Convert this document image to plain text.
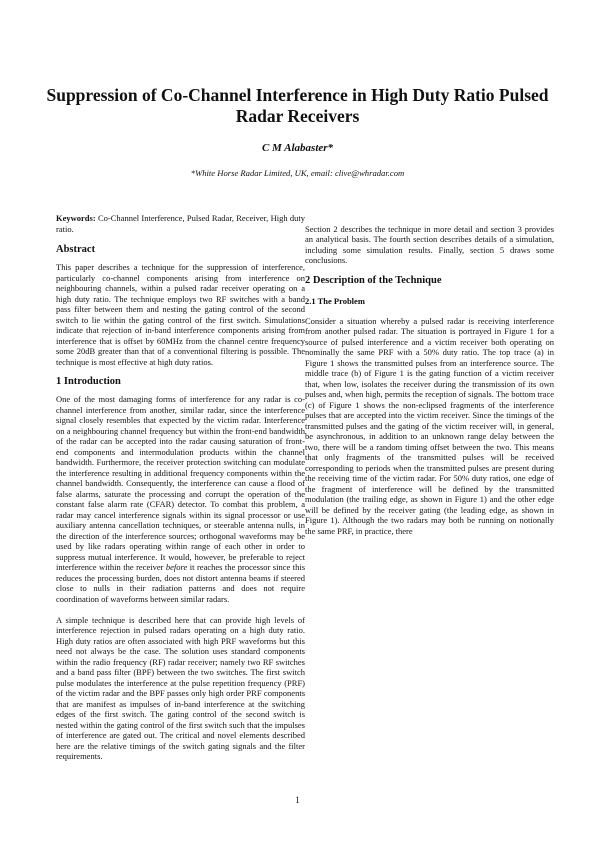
Suppression of Co-Channel Interference in High Duty Ratio Pulsed Radar Receivers
C M Alabaster*
*White Horse Radar Limited, UK, email: clive@whradar.com

Keywords: Co-Channel Interference, Pulsed Radar, Receiver, High duty ratio.

Abstract

This paper describes a technique for the suppression of interference, particularly co-channel components arising from interference on neighbouring channels, within a pulsed radar receiver operating on a high duty ratio. The technique employs two RF switches with a band pass filter between them and nesting the gating control of the second switch to lie within the gating control of the first switch. Simulations indicate that rejection of in-band interference components arising from interference that is offset by 60MHz from the channel centre frequency some 20dB greater than that of a conventional filtering is possible. The technique is most effective at high duty ratios.

1 Introduction

One of the most damaging forms of interference for any radar is co-channel interference from another, similar radar, since the interference signal closely resembles that expected by the victim radar. Interference on a neighbouring channel frequency but within the front-end bandwidth of the radar can be accepted into the radar causing saturation of front-end components and intermodulation products within the channel bandwidth. Furthermore, the receiver protection switching can modulate the interference resulting in additional frequency components within the channel bandwidth. Consequently, the interference can cause a flood of false alarms, saturate the processing and corrupt the operation of the constant false alarm rate (CFAR) detector. To combat this problem, a radar may cancel interference signals within its signal processor or use auxiliary antenna cancellation techniques, or steerable antenna nulls, in the direction of the interference sources; orthogonal waveforms may be used by like radars operating within range of each other in order to suppress mutual interference. It would, however, be preferable to reject interference within the receiver before it reaches the processor since this reduces the processing burden, does not distort antenna beams if steered close to nulls in their radiation patterns and does not require coordination of waveforms between similar radars.

A simple technique is described here that can provide high levels of interference rejection in pulsed radars operating on a high duty ratio. High duty ratios are often associated with high PRF waveforms but this need not always be the case. The solution uses standard components within the radio frequency (RF) radar receiver; namely two RF switches and a band pass filter (BPF) between the two switches. The first switch pulse modulates the interference at the pulse repetition frequency (PRF) of the victim radar and the BPF passes only high order PRF components that are manifest as impulses of in-band interference at the switching edges of the first switch. The gating control of the second switch is nested within the gating control of the first switch such that the impulses of interference are gated out. The critical and novel elements described here are the relative timings of the switch gating signals and the filter requirements.

Section 2 describes the technique in more detail and section 3 provides an analytical basis. The fourth section describes details of a simulation, including some simulation results. Finally, section 5 draws some conclusions.

2 Description of the Technique
2.1 The Problem

Consider a situation whereby a pulsed radar is receiving interference from another pulsed radar. The situation is portrayed in Figure 1 for a source of pulsed interference and a victim receiver both operating on nominally the same PRF with a 50% duty ratio. The top trace (a) in Figure 1 shows the transmitted pulses from an interference source. The middle trace (b) of Figure 1 is the gating function of a victim receiver that, when low, isolates the receiver during the transmission of its own pulses and, when high, permits the reception of signals. The bottom trace (c) of Figure 1 shows the non-eclipsed fragments of the interference pulses that are accepted into the victim receiver. Since the timings of the transmitted pulses and the gating of the victim receiver will, in general, be asynchronous, in addition to an unknown range delay between the two, there will be a random timing offset between the two. This means that only fragments of the transmitted pulses will be received corresponding to periods when the transmitted pulses are present during the receiving time of the victim radar. For 50% duty ratios, one edge of the fragment of interference will be defined by the transmitted modulation (the trailing edge, as shown in Figure 1) and the other edge will be defined by the receiver gating (the leading edge, as shown in Figure 1). Although the two radars may both be running on notionally the same PRF, in practice, there

1
